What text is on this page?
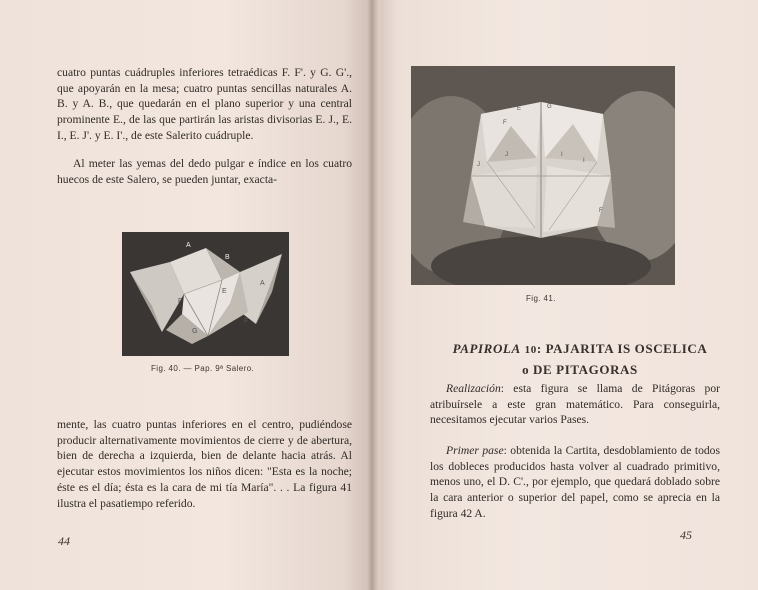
cuatro puntas cuádruples inferiores tetraédicas F. F'. y G. G'., que apoyarán en la mesa; cuatro puntas sencillas naturales A. B. y A. B., que quedarán en el plano superior y una central prominente E., de las que partirán las aristas divisorias E. J., E. I., E. J'. y E. I'., de este Salerito cuádruple.

Al meter las yemas del dedo pulgar e índice en los cuatro huecos de este Salero, se pueden juntar, exacta-

A
B
F
G
F
E
A
Fig. 40. — Pap. 9ª Salero.

mente, las cuatro puntas inferiores en el centro, pudiéndose producir alternativamente movimientos de cierre y de abertura, bien de derecha a izquierda, bien de delante hacia atrás. Al ejecutar estos movimientos los niños dicen: "Esta es la noche; éste es el día; ésta es la cara de mi tía María". . . La figura 41 ilustra el pasatiempo referido.

44
E	G	A
F
J	I
J
I
F
Fig. 41.
PAPIROLA 10: PAJARITA IS OSCELICA
o DE PITAGORAS

Realización: esta figura se llama de Pitágoras por atribuírsele a este gran matemático. Para conseguirla, necesitamos ejecutar varios Pases.

Primer pase: obtenida la Cartita, desdoblamiento de todos los dobleces producidos hasta volver al cuadrado primitivo, menos uno, el D. C'., por ejemplo, que quedará doblado sobre la cara anterior o superior del papel, como se aprecia en la figura 42 A.

45
